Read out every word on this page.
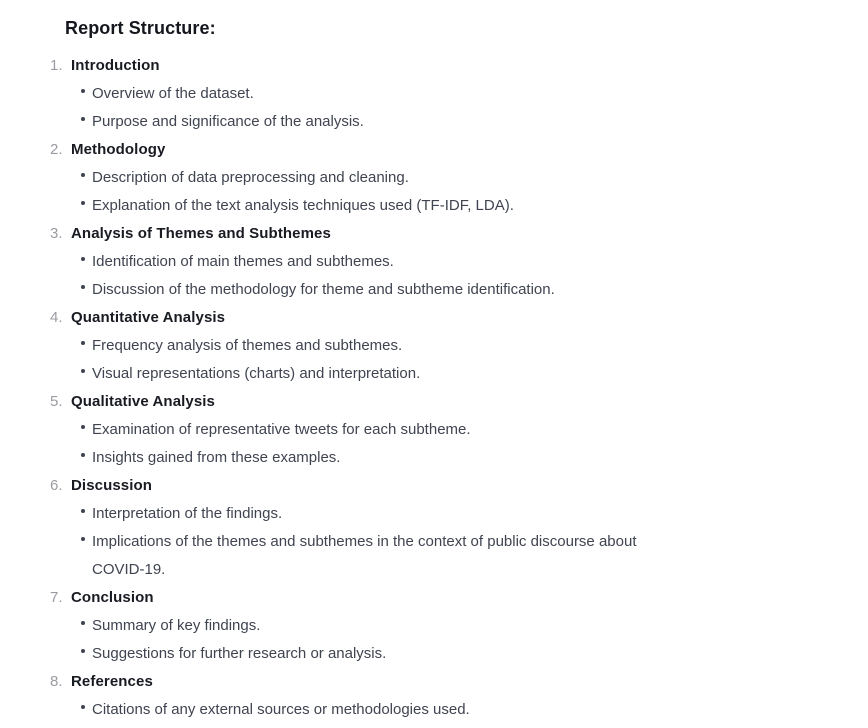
Report Structure:
1. Introduction
Overview of the dataset.
Purpose and significance of the analysis.
2. Methodology
Description of data preprocessing and cleaning.
Explanation of the text analysis techniques used (TF-IDF, LDA).
3. Analysis of Themes and Subthemes
Identification of main themes and subthemes.
Discussion of the methodology for theme and subtheme identification.
4. Quantitative Analysis
Frequency analysis of themes and subthemes.
Visual representations (charts) and interpretation.
5. Qualitative Analysis
Examination of representative tweets for each subtheme.
Insights gained from these examples.
6. Discussion
Interpretation of the findings.
Implications of the themes and subthemes in the context of public discourse about COVID-19.
7. Conclusion
Summary of key findings.
Suggestions for further research or analysis.
8. References
Citations of any external sources or methodologies used.
